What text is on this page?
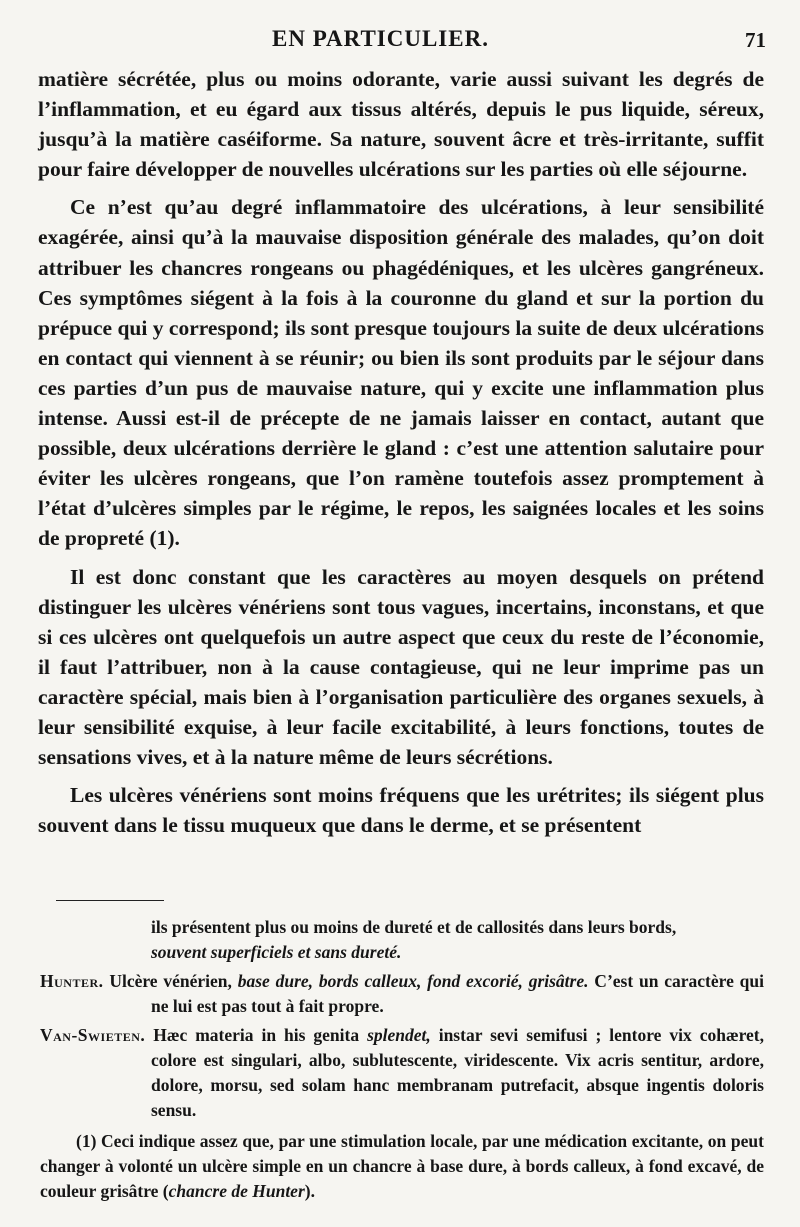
EN PARTICULIER.	71

matière sécrétée, plus ou moins odorante, varie aussi suivant les degrés de l’inflammation, et eu égard aux tissus altérés, depuis le pus liquide, séreux, jusqu’à la matière caséiforme. Sa nature, souvent âcre et très-irritante, suffit pour faire développer de nouvelles ulcérations sur les parties où elle séjourne.

Ce n’est qu’au degré inflammatoire des ulcérations, à leur sensibilité exagérée, ainsi qu’à la mauvaise disposition générale des malades, qu’on doit attribuer les chancres rongeans ou phagédéniques, et les ulcères gangréneux. Ces symptômes siégent à la fois à la couronne du gland et sur la portion du prépuce qui y correspond; ils sont presque toujours la suite de deux ulcérations en contact qui viennent à se réunir; ou bien ils sont produits par le séjour dans ces parties d’un pus de mauvaise nature, qui y excite une inflammation plus intense. Aussi est-il de précepte de ne jamais laisser en contact, autant que possible, deux ulcérations derrière le gland : c’est une attention salutaire pour éviter les ulcères rongeans, que l’on ramène toutefois assez promptement à l’état d’ulcères simples par le régime, le repos, les saignées locales et les soins de propreté (1).

Il est donc constant que les caractères au moyen desquels on prétend distinguer les ulcères vénériens sont tous vagues, incertains, inconstans, et que si ces ulcères ont quelquefois un autre aspect que ceux du reste de l’économie, il faut l’attribuer, non à la cause contagieuse, qui ne leur imprime pas un caractère spécial, mais bien à l’organisation particulière des organes sexuels, à leur sensibilité exquise, à leur facile excitabilité, à leurs fonctions, toutes de sensations vives, et à la nature même de leurs sécrétions.

Les ulcères vénériens sont moins fréquens que les urétrites; ils siégent plus souvent dans le tissu muqueux que dans le derme, et se présentent

ils présentent plus ou moins de dureté et de callosités dans leurs bords,
souvent superficiels et sans dureté.
Hunter. Ulcère vénérien, base dure, bords calleux, fond excorié, grisâtre. C’est un caractère qui ne lui est pas tout à fait propre.
Van-Swieten. Hæc materia in his genita splendet, instar sevi semifusi ; lentore vix cohæret, colore est singulari, albo, sublutescente, viridescente. Vix acris sentitur, ardore, dolore, morsu, sed solam hanc membranam putrefacit, absque ingentis doloris sensu.
(1) Ceci indique assez que, par une stimulation locale, par une médication excitante, on peut changer à volonté un ulcère simple en un chancre à base dure, à bords calleux, à fond excavé, de couleur grisâtre (chancre de Hunter).
